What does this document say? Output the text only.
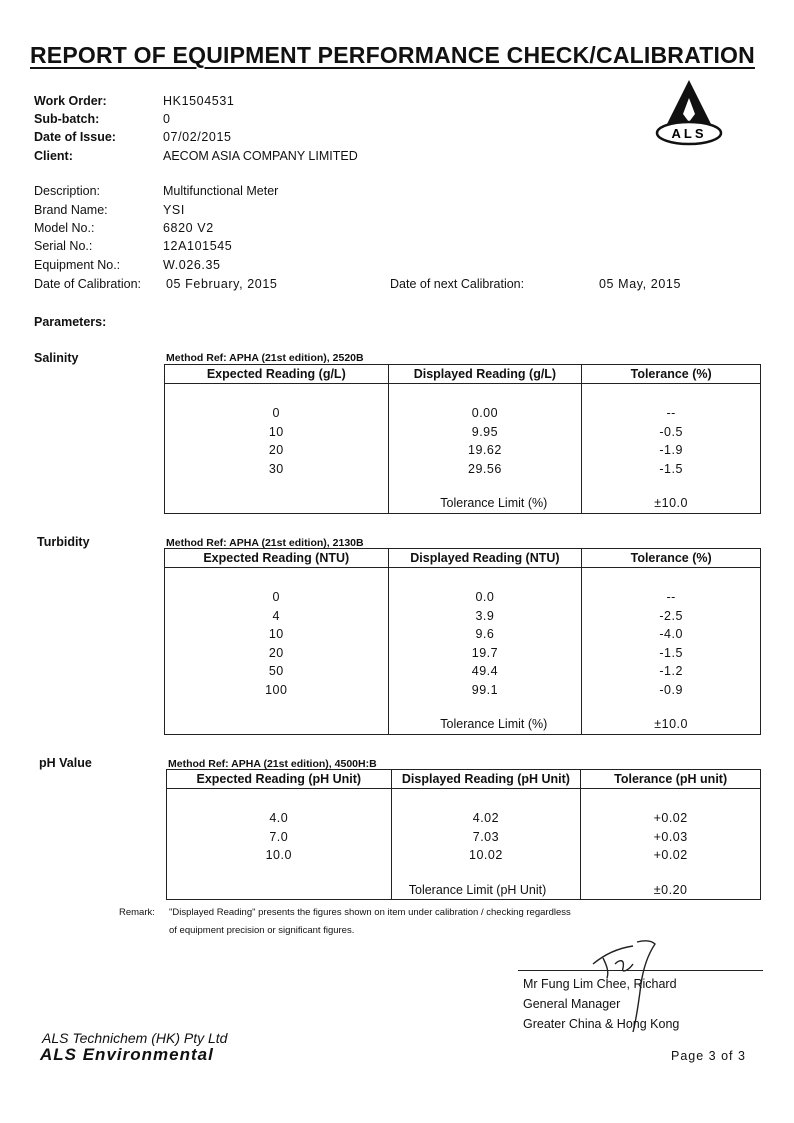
REPORT OF EQUIPMENT PERFORMANCE CHECK/CALIBRATION
ALS
Work Order:	HK1504531
Sub-batch:	0
Date of Issue:	07/02/2015
Client:	AECOM ASIA COMPANY LIMITED
Description:	Multifunctional Meter
Brand Name:	YSI
Model No.:	6820 V2
Serial No.:	12A101545
Equipment No.:	W.026.35
Date of Calibration: 05 February, 2015	Date of next Calibration:	05 May, 2015
Parameters:
Salinity	Method Ref: APHA (21st edition), 2520B
Expected Reading (g/L)	Displayed Reading (g/L)	Tolerance (%)

0	0.00	--
10	9.95	-0.5
20	19.62	-1.9
30	29.56	-1.5

	Tolerance Limit (%)	±10.0
Turbidity	Method Ref: APHA (21st edition), 2130B
Expected Reading (NTU)	Displayed Reading (NTU)	Tolerance (%)

0	0.0	--
4	3.9	-2.5
10	9.6	-4.0
20	19.7	-1.5
50	49.4	-1.2
100	99.1	-0.9

	Tolerance Limit (%)	±10.0
pH Value	Method Ref: APHA (21st edition), 4500H:B
Expected Reading (pH Unit)	Displayed Reading (pH Unit)	Tolerance (pH unit)

4.0	4.02	+0.02
7.0	7.03	+0.03
10.0	10.02	+0.02

	Tolerance Limit (pH Unit)	±0.20
Remark: "Displayed Reading" presents the figures shown on item under calibration / checking regardless
of equipment precision or significant figures.
Mr Fung Lim Chee, Richard
General Manager
Greater China & Hong Kong
ALS Technichem (HK) Pty Ltd
ALS Environmental	Page 3 of 3
